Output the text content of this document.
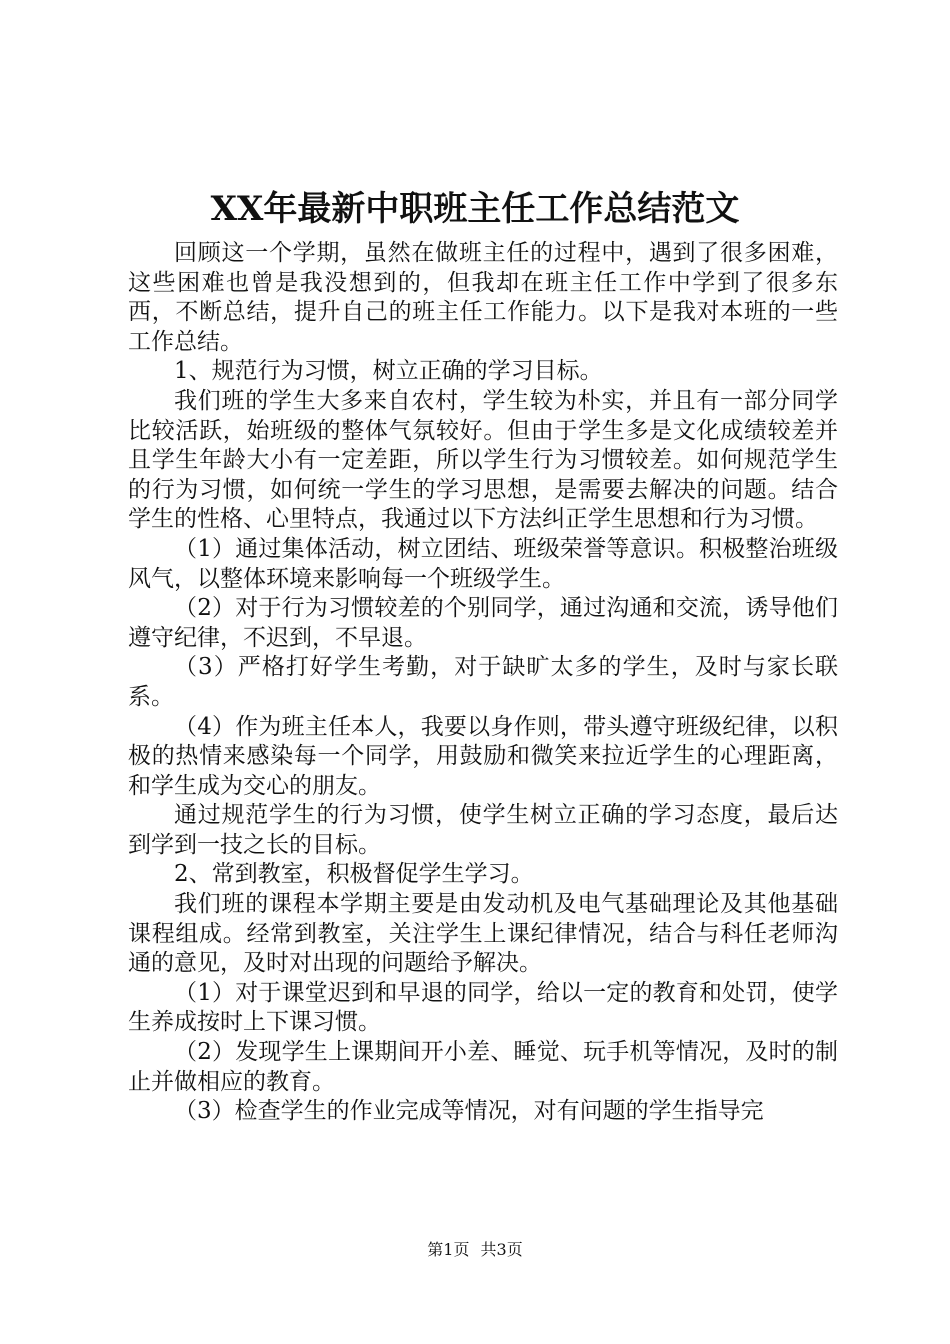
XX年最新中职班主任工作总结范文

回顾这一个学期，虽然在做班主任的过程中，遇到了很多困难，这些困难也曾是我没想到的，但我却在班主任工作中学到了很多东西，不断总结，提升自己的班主任工作能力。以下是我对本班的一些工作总结。

1、规范行为习惯，树立正确的学习目标。

我们班的学生大多来自农村，学生较为朴实，并且有一部分同学比较活跃，始班级的整体气氛较好。但由于学生多是文化成绩较差并且学生年龄大小有一定差距，所以学生行为习惯较差。如何规范学生的行为习惯，如何统一学生的学习思想，是需要去解决的问题。结合学生的性格、心里特点，我通过以下方法纠正学生思想和行为习惯。

（1）通过集体活动，树立团结、班级荣誉等意识。积极整治班级风气，以整体环境来影响每一个班级学生。

（2）对于行为习惯较差的个别同学，通过沟通和交流，诱导他们遵守纪律，不迟到，不早退。

（3）严格打好学生考勤，对于缺旷太多的学生，及时与家长联系。

（4）作为班主任本人，我要以身作则，带头遵守班级纪律，以积极的热情来感染每一个同学，用鼓励和微笑来拉近学生的心理距离，和学生成为交心的朋友。

通过规范学生的行为习惯，使学生树立正确的学习态度，最后达到学到一技之长的目标。

2、常到教室，积极督促学生学习。

我们班的课程本学期主要是由发动机及电气基础理论及其他基础课程组成。经常到教室，关注学生上课纪律情况，结合与科任老师沟通的意见，及时对出现的问题给予解决。

（1）对于课堂迟到和早退的同学，给以一定的教育和处罚，使学生养成按时上下课习惯。

（2）发现学生上课期间开小差、睡觉、玩手机等情况，及时的制止并做相应的教育。

（3）检查学生的作业完成等情况，对有问题的学生指导完

第1页 共3页
